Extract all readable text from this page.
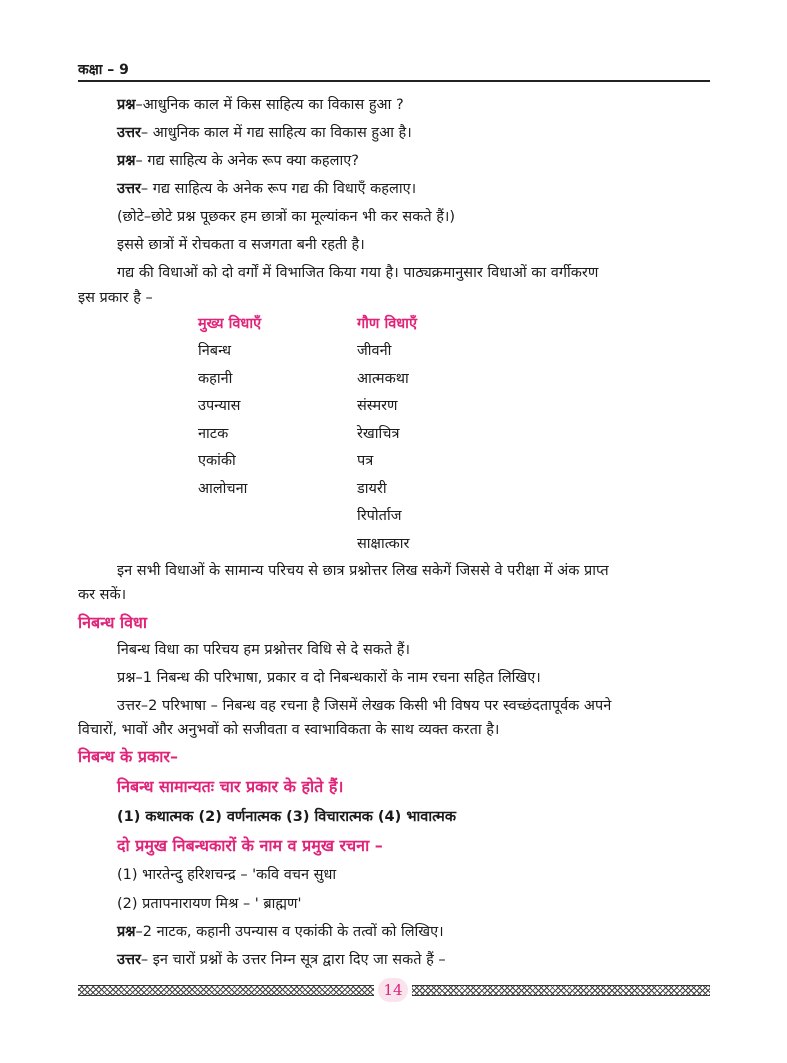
कक्षा – 9
प्रश्न–आधुनिक काल में किस साहित्य का विकास हुआ ?
उत्तर– आधुनिक काल में गद्य साहित्य का विकास हुआ है।
प्रश्न– गद्य साहित्य के अनेक रूप क्या कहलाए?
उत्तर– गद्य साहित्य के अनेक रूप गद्य की विधाएँ कहलाए।
(छोटे–छोटे प्रश्न पूछकर हम छात्रों का मूल्यांकन भी कर सकते हैं।)
इससे छात्रों में रोचकता व सजगता बनी रहती है।
गद्य की विधाओं को दो वर्गों में विभाजित किया गया है। पाठ्यक्रमानुसार विधाओं का वर्गीकरण
इस प्रकार है –
मुख्य विधाएँ	गौण विधाएँ
निबन्ध
कहानी
उपन्यास
नाटक
एकांकी
आलोचना
जीवनी
आत्मकथा
संस्मरण
रेखाचित्र
पत्र
डायरी
रिपोर्ताज
साक्षात्कार
इन सभी विधाओं के सामान्य परिचय से छात्र प्रश्नोत्तर लिख सकेगें जिससे वे परीक्षा में अंक प्राप्त
कर सकें।
निबन्ध विधा
निबन्ध विधा का परिचय हम प्रश्नोत्तर विधि से दे सकते हैं।
प्रश्न–1 निबन्ध की परिभाषा, प्रकार व दो निबन्धकारों के नाम रचना सहित लिखिए।
उत्तर–2 परिभाषा – निबन्ध वह रचना है जिसमें लेखक किसी भी विषय पर स्वच्छंदतापूर्वक अपने
विचारों, भावों और अनुभवों को सजीवता व स्वाभाविकता के साथ व्यक्त करता है।
निबन्ध के प्रकार–
निबन्ध सामान्यतः चार प्रकार के होते हैं।
(1) कथात्मक (2) वर्णनात्मक (3) विचारात्मक (4) भावात्मक
दो प्रमुख निबन्धकारों के नाम व प्रमुख रचना –
(1) भारतेन्दु हरिशचन्द्र – 'कवि वचन सुधा
(2) प्रतापनारायण मिश्र – ' ब्राह्मण'
प्रश्न–2 नाटक, कहानी उपन्यास व एकांकी के तत्वों को लिखिए।
उत्तर– इन चारों प्रश्नों के उत्तर निम्न सूत्र द्वारा दिए जा सकते हैं –
14
